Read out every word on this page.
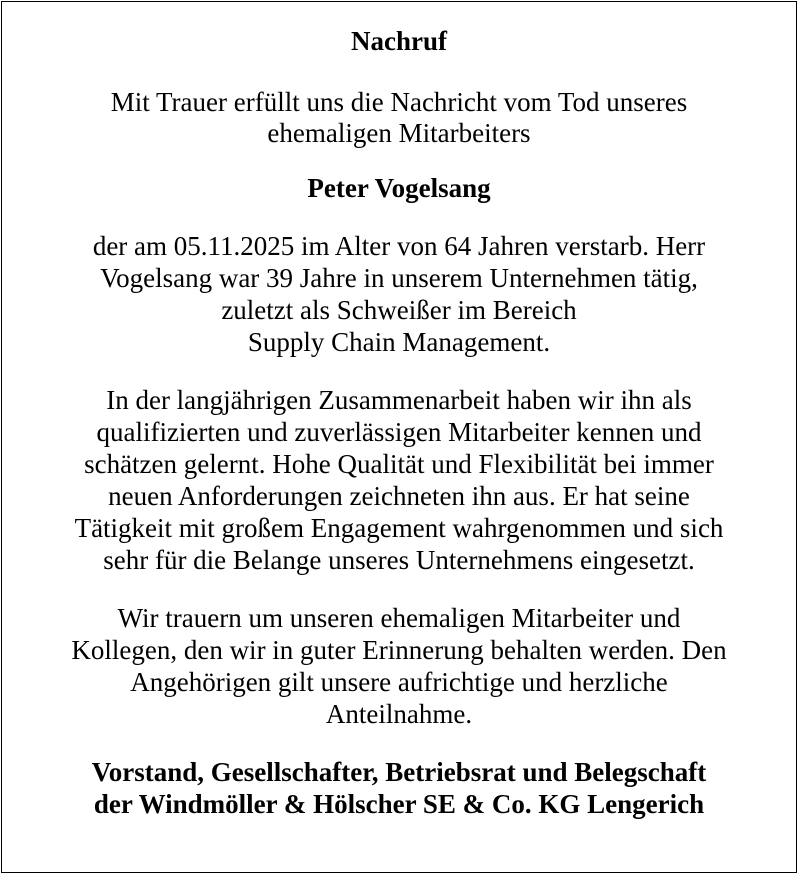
Nachruf
Mit Trauer erfüllt uns die Nachricht vom Tod unseres
ehemaligen Mitarbeiters
Peter Vogelsang
der am 05.11.2025 im Alter von 64 Jahren verstarb. Herr
Vogelsang war 39 Jahre in unserem Unternehmen tätig,
zuletzt als Schweißer im Bereich
Supply Chain Management.
In der langjährigen Zusammenarbeit haben wir ihn als
qualifizierten und zuverlässigen Mitarbeiter kennen und
schätzen gelernt. Hohe Qualität und Flexibilität bei immer
neuen Anforderungen zeichneten ihn aus. Er hat seine
Tätigkeit mit großem Engagement wahrgenommen und sich
sehr für die Belange unseres Unternehmens eingesetzt.
Wir trauern um unseren ehemaligen Mitarbeiter und
Kollegen, den wir in guter Erinnerung behalten werden. Den
Angehörigen gilt unsere aufrichtige und herzliche
Anteilnahme.
Vorstand, Gesellschafter, Betriebsrat und Belegschaft
der Windmöller & Hölscher SE & Co. KG Lengerich
